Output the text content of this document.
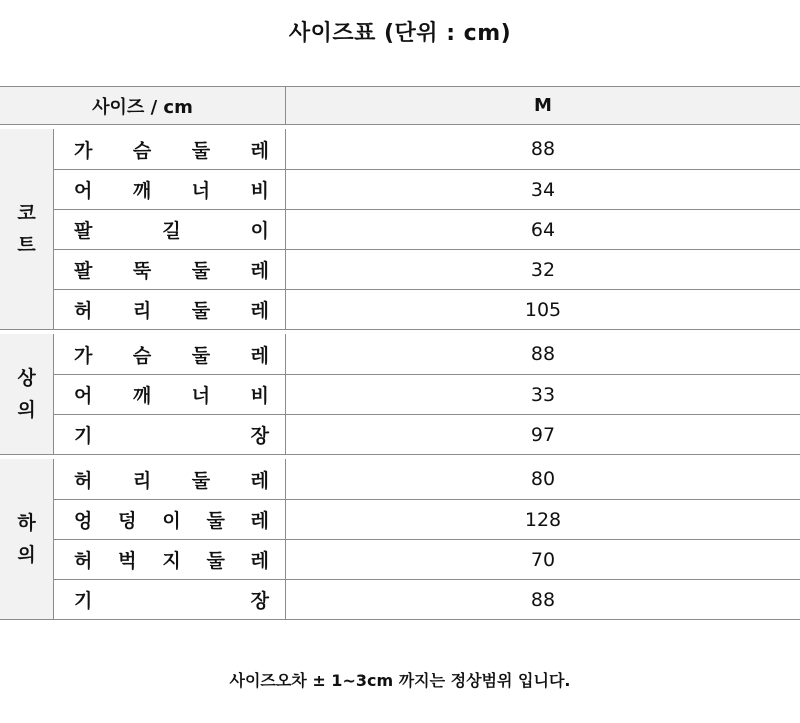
사이즈표 (단위 : cm)
사이즈 / cm	M
코트
가 슴 둘 레	88
어 깨 너 비	34
팔 길 이	64
팔 뚝 둘 레	32
허 리 둘 레	105
상의
가 슴 둘 레	88
어 깨 너 비	33
기 장	97
하의
허 리 둘 레	80
엉 덩 이 둘 레	128
허 벅 지 둘 레	70
기 장	88
사이즈오차 ± 1~3cm 까지는 정상범위 입니다.
